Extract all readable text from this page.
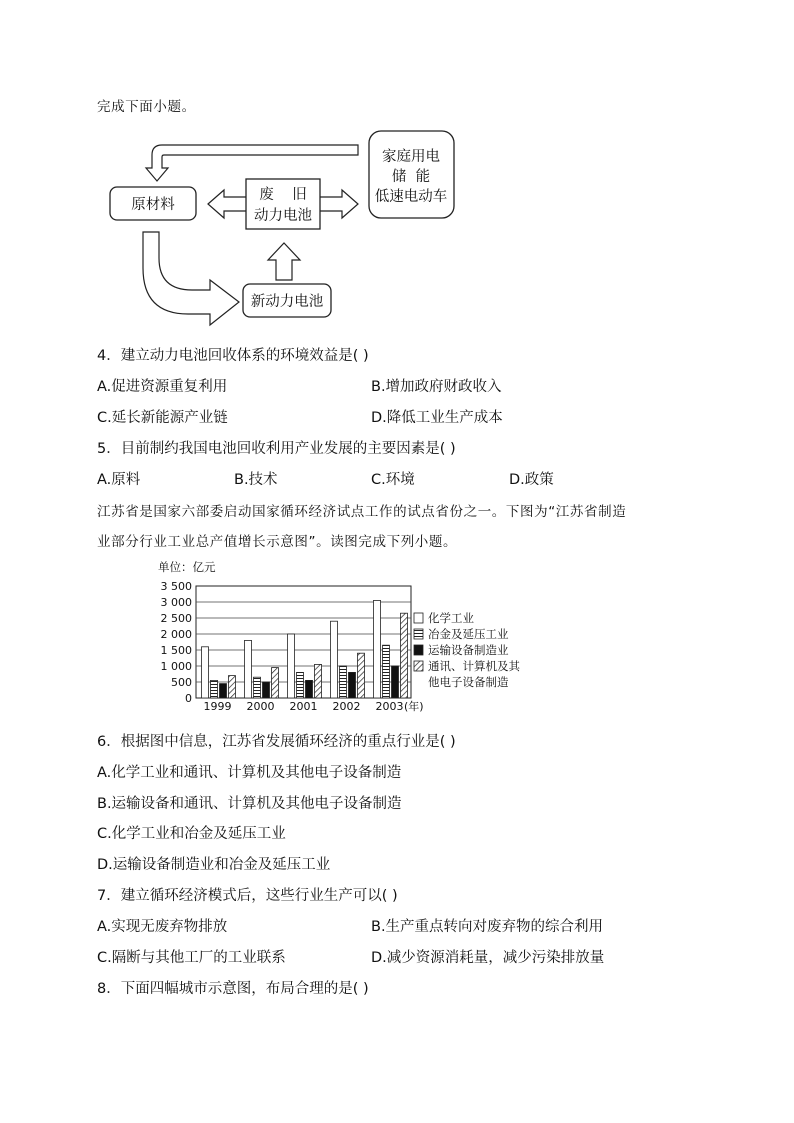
完成下面小题。
家庭用电
储  能
低速电动车
原材料
废    旧
动力电池
新动力电池
4．建立动力电池回收体系的环境效益是( )
A.促进资源重复利用	B.增加政府财政收入
C.延长新能源产业链	D.降低工业生产成本
5．目前制约我国电池回收利用产业发展的主要因素是( )
A.原料	B.技术	C.环境	D.政策
江苏省是国家六部委启动国家循环经济试点工作的试点省份之一。下图为“江苏省制造
业部分行业工业总产值增长示意图”。读图完成下列小题。
单位：亿元
0
500
1 000
1 500
2 000
2 500
3 000
3 500
1999 2000 2001 2002 2003 (年)
化学工业
冶金及延压工业
运输设备制造业
通讯、计算机及其
他电子设备制造
6．根据图中信息，江苏省发展循环经济的重点行业是( )
A.化学工业和通讯、计算机及其他电子设备制造
B.运输设备和通讯、计算机及其他电子设备制造
C.化学工业和冶金及延压工业
D.运输设备制造业和冶金及延压工业
7．建立循环经济模式后，这些行业生产可以( )
A.实现无废弃物排放	B.生产重点转向对废弃物的综合利用
C.隔断与其他工厂的工业联系	D.减少资源消耗量，减少污染排放量
8．下面四幅城市示意图，布局合理的是( )
